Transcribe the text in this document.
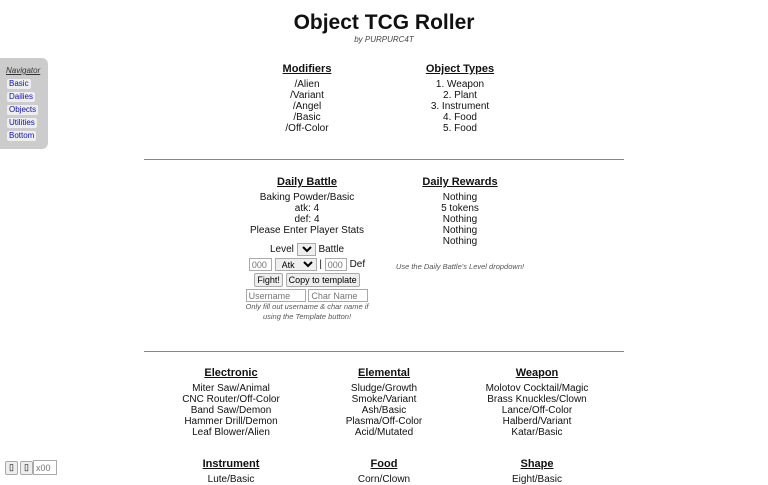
Object TCG Roller
by PURPURC4T
Navigator
Basic
Dailies
Objects
Utilities
Bottom
Modifiers
/Alien
/Variant
/Angel
/Basic
/Off-Color
Object Types
1. Weapon
2. Plant
3. Instrument
4. Food
5. Food
Daily Battle
Baking Powder/Basic
atk: 4
def: 4
Please Enter Player Stats
Level
1 Battle
000
Atk | 000	Def
Fight! Copy to template
Username Char Name
Only fill out username & char name if using the Template button!
Daily Rewards
Nothing
5 tokens
Nothing
Nothing
Nothing
Use the Daily Battle's Level dropdown!
Electronic
Miter Saw/Animal
CNC Router/Off-Color
Band Saw/Demon
Hammer Drill/Demon
Leaf Blower/Alien
Elemental
Sludge/Growth
Smoke/Variant
Ash/Basic
Plasma/Off-Color
Acid/Mutated
Weapon
Molotov Cocktail/Magic
Brass Knuckles/Clown
Lance/Off-Color
Halberd/Variant
Katar/Basic
Instrument
Lute/Basic
Food
Corn/Clown
Shape
Eight/Basic
▯ ▯x00
